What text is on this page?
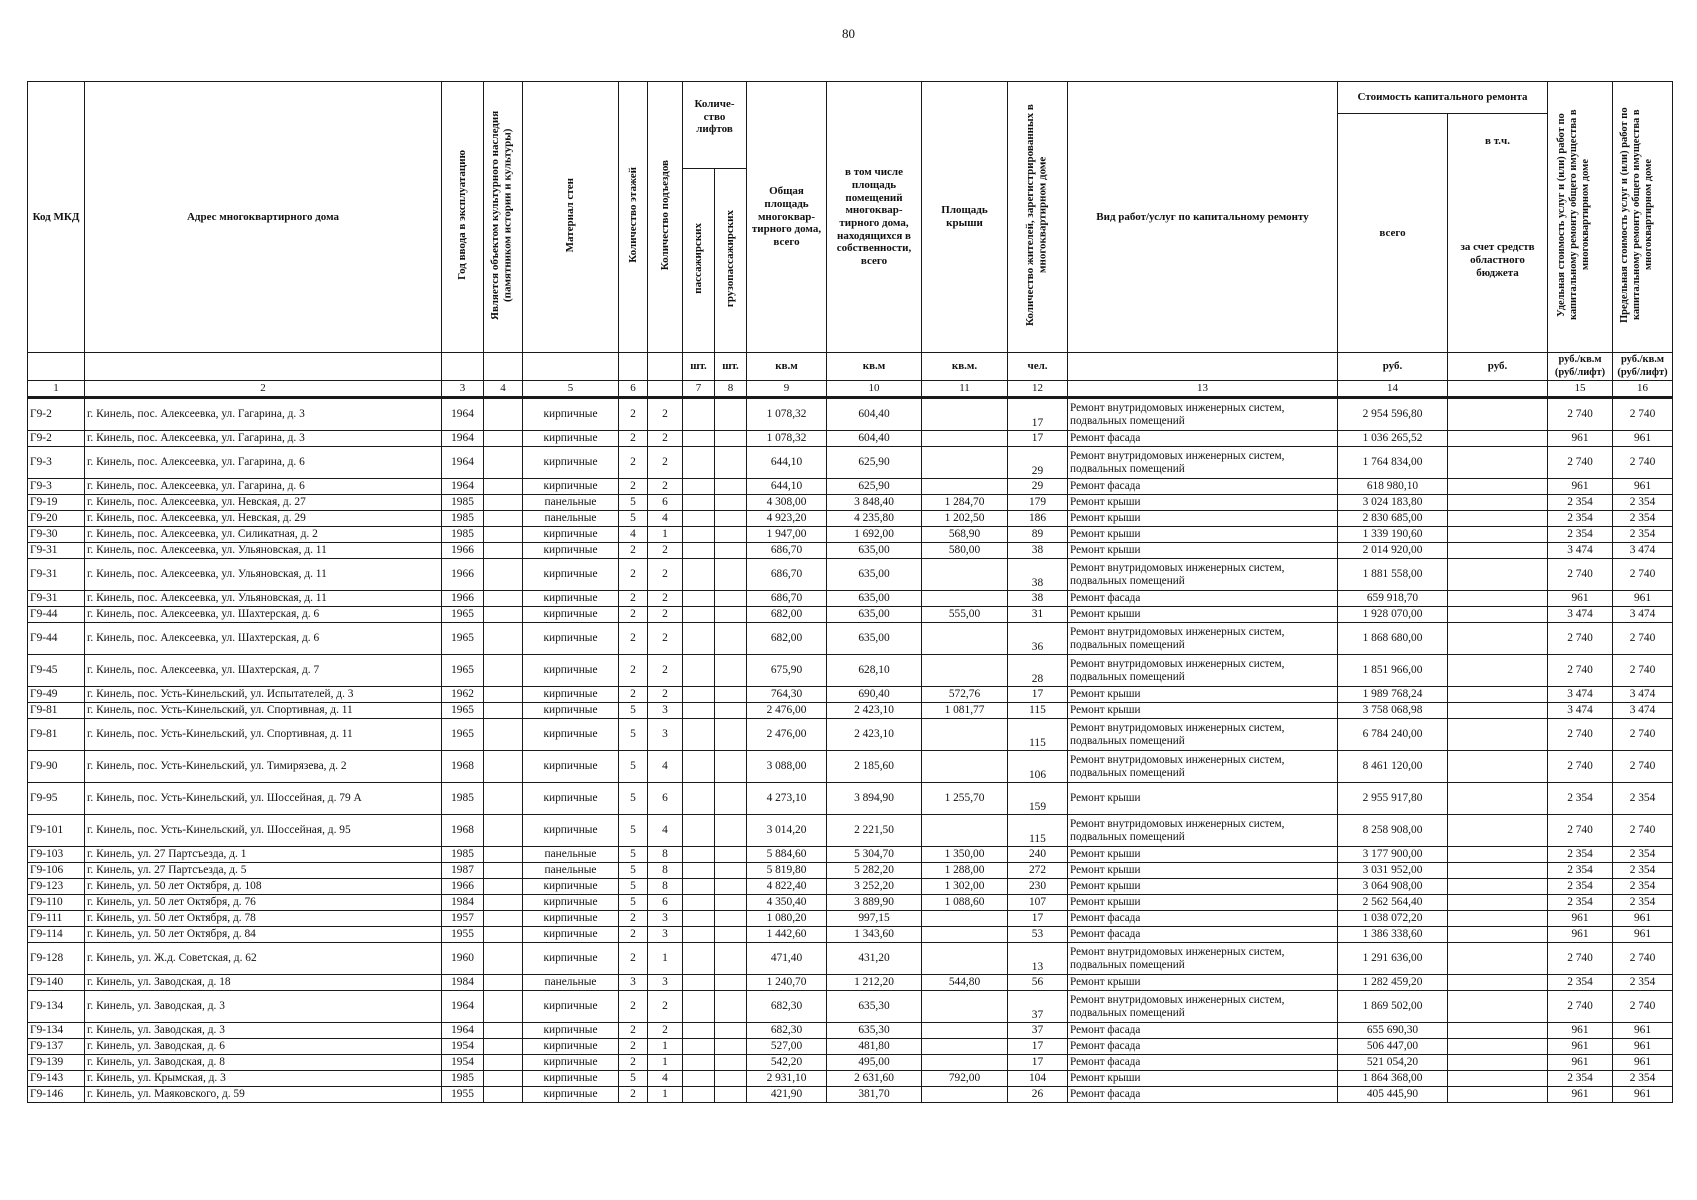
80
Код МКД	Адрес многоквартирного дома	Год ввода в эксплуатацию	Является объектом культурного наследия (памятником истории и культуры)	Материал стен	Количество этажей	Количество подъездов	Количе- ство лифтов		Общая площадь многоквар- тирного дома, всего	в том числе площадь помещений многоквар- тирного дома, находящихся в собственности, всего	Площадь крыши	Количество жителей, зарегистрированных в многоквартирном доме	Вид работ/услуг по капитальному ремонту	Стоимость капитального ремонта		Удельная стоимость услуг и (или) работ по капитальному ремонту общего имущества в многоквартирном доме	Предельная стоимость услуг и (или) работ по капитальному ремонту общего имущества в многоквартирном доме
														всего	в т.ч.		
							пассажирских	грузопассажирских							за счет средств областного бюджета		
							шт.	шт.	кв.м	кв.м	кв.м.	чел.		руб.	руб.	руб./кв.м (руб/лифт)	руб./кв.м (руб/лифт)
1	2	3	4	5	6		7	8	9	10	11	12	13	14		15	16
Г9-2	г. Кинель, пос. Алексеевка, ул. Гагарина, д. 3	1964		кирпичные	2	2			1 078,32	604,40		17	Ремонт внутридомовых инженерных систем, подвальных помещений	2 954 596,80		2 740	2 740
Г9-2	г. Кинель, пос. Алексеевка, ул. Гагарина, д. 3	1964		кирпичные	2	2			1 078,32	604,40		17	Ремонт фасада	1 036 265,52		961	961
Г9-3	г. Кинель, пос. Алексеевка, ул. Гагарина, д. 6	1964		кирпичные	2	2			644,10	625,90		29	Ремонт внутридомовых инженерных систем, подвальных помещений	1 764 834,00		2 740	2 740
Г9-3	г. Кинель, пос. Алексеевка, ул. Гагарина, д. 6	1964		кирпичные	2	2			644,10	625,90		29	Ремонт фасада	618 980,10		961	961
Г9-19	г. Кинель, пос. Алексеевка, ул. Невская, д. 27	1985		панельные	5	6			4 308,00	3 848,40	1 284,70	179	Ремонт крыши	3 024 183,80		2 354	2 354
Г9-20	г. Кинель, пос. Алексеевка, ул. Невская, д. 29	1985		панельные	5	4			4 923,20	4 235,80	1 202,50	186	Ремонт крыши	2 830 685,00		2 354	2 354
Г9-30	г. Кинель, пос. Алексеевка, ул. Силикатная, д. 2	1985		кирпичные	4	1			1 947,00	1 692,00	568,90	89	Ремонт крыши	1 339 190,60		2 354	2 354
Г9-31	г. Кинель, пос. Алексеевка, ул. Ульяновская, д. 11	1966		кирпичные	2	2			686,70	635,00	580,00	38	Ремонт крыши	2 014 920,00		3 474	3 474
Г9-31	г. Кинель, пос. Алексеевка, ул. Ульяновская, д. 11	1966		кирпичные	2	2			686,70	635,00		38	Ремонт внутридомовых инженерных систем, подвальных помещений	1 881 558,00		2 740	2 740
Г9-31	г. Кинель, пос. Алексеевка, ул. Ульяновская, д. 11	1966		кирпичные	2	2			686,70	635,00		38	Ремонт фасада	659 918,70		961	961
Г9-44	г. Кинель, пос. Алексеевка, ул. Шахтерская, д. 6	1965		кирпичные	2	2			682,00	635,00	555,00	31	Ремонт крыши	1 928 070,00		3 474	3 474
Г9-44	г. Кинель, пос. Алексеевка, ул. Шахтерская, д. 6	1965		кирпичные	2	2			682,00	635,00		36	Ремонт внутридомовых инженерных систем, подвальных помещений	1 868 680,00		2 740	2 740
Г9-45	г. Кинель, пос. Алексеевка, ул. Шахтерская, д. 7	1965		кирпичные	2	2			675,90	628,10		28	Ремонт внутридомовых инженерных систем, подвальных помещений	1 851 966,00		2 740	2 740
Г9-49	г. Кинель, пос. Усть-Кинельский, ул. Испытателей, д. 3	1962		кирпичные	2	2			764,30	690,40	572,76	17	Ремонт крыши	1 989 768,24		3 474	3 474
Г9-81	г. Кинель, пос. Усть-Кинельский, ул. Спортивная, д. 11	1965		кирпичные	5	3			2 476,00	2 423,10	1 081,77	115	Ремонт крыши	3 758 068,98		3 474	3 474
Г9-81	г. Кинель, пос. Усть-Кинельский, ул. Спортивная, д. 11	1965		кирпичные	5	3			2 476,00	2 423,10		115	Ремонт внутридомовых инженерных систем, подвальных помещений	6 784 240,00		2 740	2 740
Г9-90	г. Кинель, пос. Усть-Кинельский, ул. Тимирязева, д. 2	1968		кирпичные	5	4			3 088,00	2 185,60		106	Ремонт внутридомовых инженерных систем, подвальных помещений	8 461 120,00		2 740	2 740
Г9-95	г. Кинель, пос. Усть-Кинельский, ул. Шоссейная, д. 79 А	1985		кирпичные	5	6			4 273,10	3 894,90	1 255,70	159	Ремонт крыши	2 955 917,80		2 354	2 354
Г9-101	г. Кинель, пос. Усть-Кинельский, ул. Шоссейная, д. 95	1968		кирпичные	5	4			3 014,20	2 221,50		115	Ремонт внутридомовых инженерных систем, подвальных помещений	8 258 908,00		2 740	2 740
Г9-103	г. Кинель, ул. 27 Партсъезда, д. 1	1985		панельные	5	8			5 884,60	5 304,70	1 350,00	240	Ремонт крыши	3 177 900,00		2 354	2 354
Г9-106	г. Кинель, ул. 27 Партсъезда, д. 5	1987		панельные	5	8			5 819,80	5 282,20	1 288,00	272	Ремонт крыши	3 031 952,00		2 354	2 354
Г9-123	г. Кинель, ул. 50 лет Октября, д. 108	1966		кирпичные	5	8			4 822,40	3 252,20	1 302,00	230	Ремонт крыши	3 064 908,00		2 354	2 354
Г9-110	г. Кинель, ул. 50 лет Октября, д. 76	1984		кирпичные	5	6			4 350,40	3 889,90	1 088,60	107	Ремонт крыши	2 562 564,40		2 354	2 354
Г9-111	г. Кинель, ул. 50 лет Октября, д. 78	1957		кирпичные	2	3			1 080,20	997,15		17	Ремонт фасада	1 038 072,20		961	961
Г9-114	г. Кинель, ул. 50 лет Октября, д. 84	1955		кирпичные	2	3			1 442,60	1 343,60		53	Ремонт фасада	1 386 338,60		961	961
Г9-128	г. Кинель, ул. Ж.д. Советская, д. 62	1960		кирпичные	2	1			471,40	431,20		13	Ремонт внутридомовых инженерных систем, подвальных помещений	1 291 636,00		2 740	2 740
Г9-140	г. Кинель, ул. Заводская, д. 18	1984		панельные	3	3			1 240,70	1 212,20	544,80	56	Ремонт крыши	1 282 459,20		2 354	2 354
Г9-134	г. Кинель, ул. Заводская, д. 3	1964		кирпичные	2	2			682,30	635,30		37	Ремонт внутридомовых инженерных систем, подвальных помещений	1 869 502,00		2 740	2 740
Г9-134	г. Кинель, ул. Заводская, д. 3	1964		кирпичные	2	2			682,30	635,30		37	Ремонт фасада	655 690,30		961	961
Г9-137	г. Кинель, ул. Заводская, д. 6	1954		кирпичные	2	1			527,00	481,80		17	Ремонт фасада	506 447,00		961	961
Г9-139	г. Кинель, ул. Заводская, д. 8	1954		кирпичные	2	1			542,20	495,00		17	Ремонт фасада	521 054,20		961	961
Г9-143	г. Кинель, ул. Крымская, д. 3	1985		кирпичные	5	4			2 931,10	2 631,60	792,00	104	Ремонт крыши	1 864 368,00		2 354	2 354
Г9-146	г. Кинель, ул. Маяковского, д. 59	1955		кирпичные	2	1			421,90	381,70		26	Ремонт фасада	405 445,90		961	961
